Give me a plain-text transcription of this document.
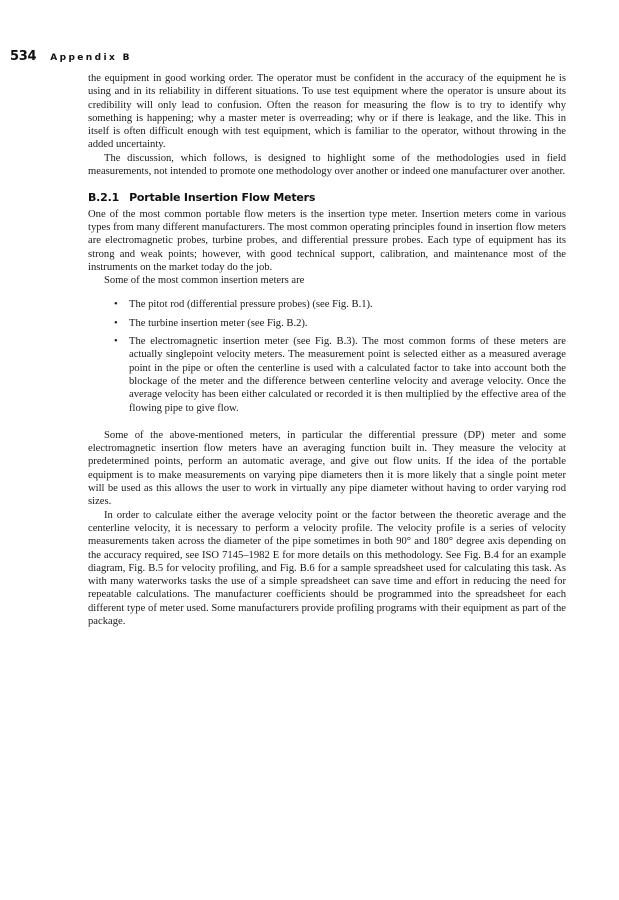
534 Appendix B

the equipment in good working order. The operator must be confident in the accuracy of the equipment he is using and in its reliability in different situations. To use test equipment where the operator is unsure about its credibility will only lead to confusion. Often the reason for measuring the flow is to try to identify why something is happening; why a master meter is overreading; why or if there is leakage, and the like. This in itself is often difficult enough with test equipment, which is familiar to the operator, without throwing in the added uncertainty.

The discussion, which follows, is designed to highlight some of the methodologies used in field measurements, not intended to promote one methodology over another or indeed one manufacturer over another.

B.2.1 Portable Insertion Flow Meters

One of the most common portable flow meters is the insertion type meter. Insertion meters come in various types from many different manufacturers. The most common operating principles found in insertion flow meters are electromagnetic probes, turbine probes, and differential pressure probes. Each type of equipment has its strong and weak points; however, with good technical support, calibration, and maintenance most of the instruments on the market today do the job.

Some of the most common insertion meters are

• The pitot rod (differential pressure probes) (see Fig. B.1).
• The turbine insertion meter (see Fig. B.2).
• The electromagnetic insertion meter (see Fig. B.3). The most common forms of these meters are actually singlepoint velocity meters. The measurement point is selected either as a measured average point in the pipe or often the centerline is used with a calculated factor to take into account both the blockage of the meter and the difference between centerline velocity and average velocity. Once the average velocity has been either calculated or recorded it is then multiplied by the effective area of the flowing pipe to give flow.

Some of the above-mentioned meters, in particular the differential pressure (DP) meter and some electromagnetic insertion flow meters have an averaging function built in. They measure the velocity at predetermined points, perform an automatic average, and give out flow units. If the idea of the portable equipment is to make measurements on varying pipe diameters then it is more likely that a single point meter will be used as this allows the user to work in virtually any pipe diameter without having to order varying rod sizes.

In order to calculate either the average velocity point or the factor between the theoretic average and the centerline velocity, it is necessary to perform a velocity profile. The velocity profile is a series of velocity measurements taken across the diameter of the pipe sometimes in both 90° and 180° degree axis depending on the accuracy required, see ISO 7145–1982 E for more details on this methodology. See Fig. B.4 for an example diagram, Fig. B.5 for velocity profiling, and Fig. B.6 for a sample spreadsheet used for calculating this task. As with many waterworks tasks the use of a simple spreadsheet can save time and effort in reducing the need for repeatable calculations. The manufacturer coefficients should be programmed into the spreadsheet for each different type of meter used. Some manufacturers provide profiling programs with their equipment as part of the package.
